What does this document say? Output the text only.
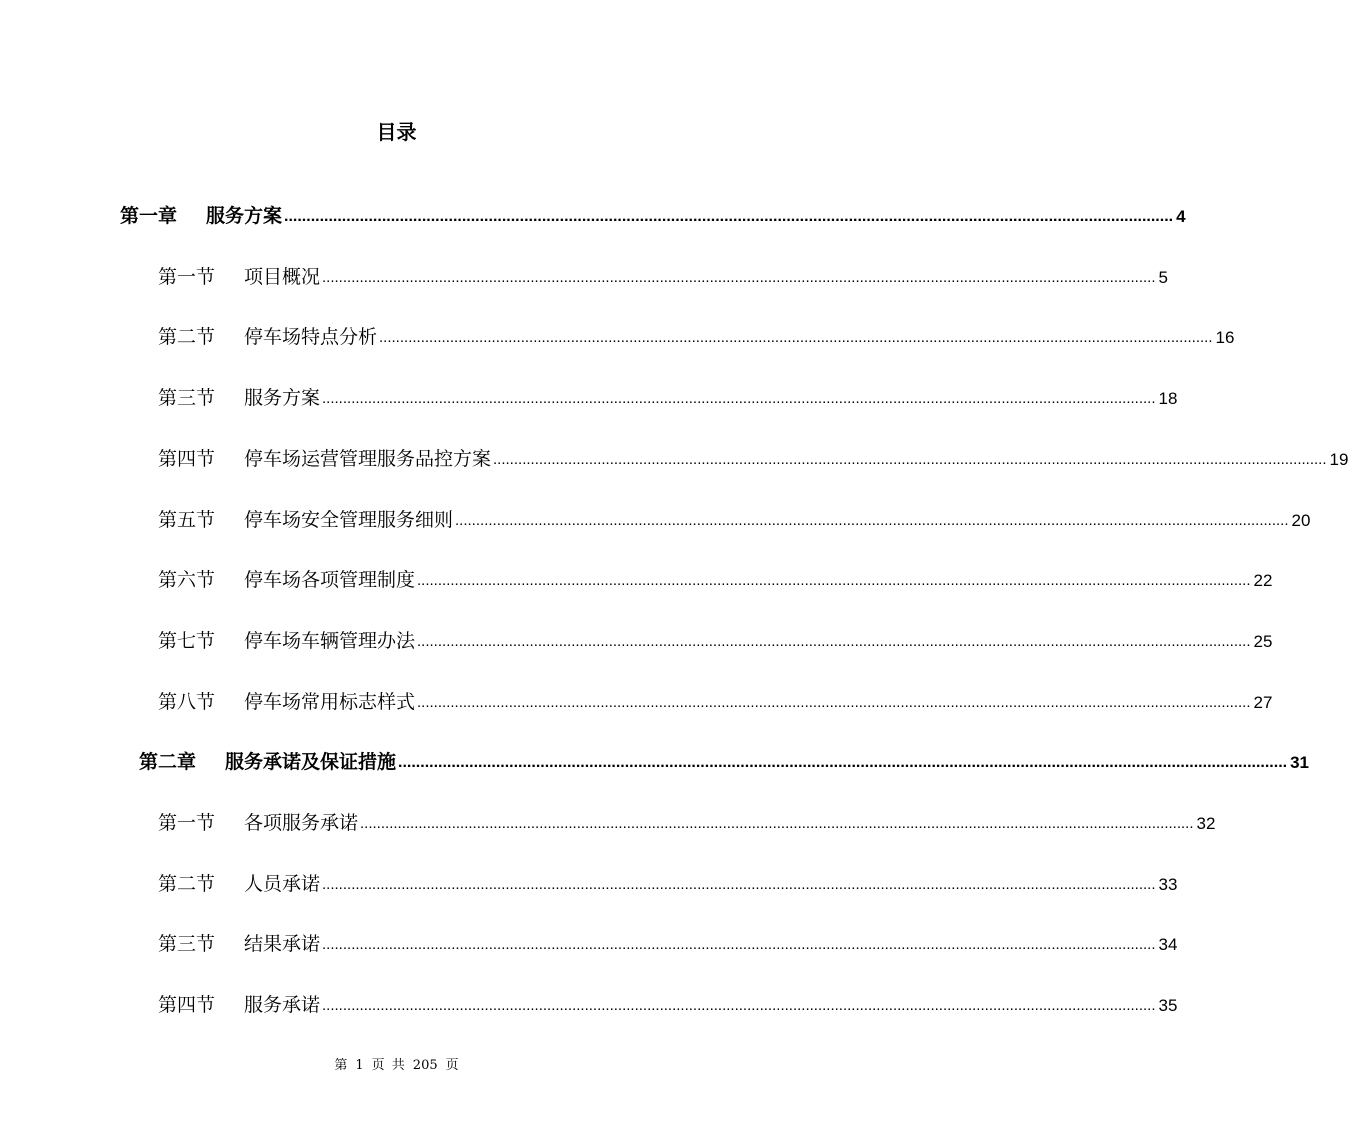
目录
第一章	服务方案 ........................................................................................................................................................................................................ 4
第一节	项目概况 ........................................................................................................................................................................................................ 5
第二节	停车场特点分析 ........................................................................................................................................................................................................ 16
第三节	服务方案 ........................................................................................................................................................................................................ 18
第四节	停车场运营管理服务品控方案 ........................................................................................................................................................................................................ 19
第五节	停车场安全管理服务细则 ........................................................................................................................................................................................................ 20
第六节	停车场各项管理制度 ........................................................................................................................................................................................................ 22
第七节	停车场车辆管理办法 ........................................................................................................................................................................................................ 25
第八节	停车场常用标志样式 ........................................................................................................................................................................................................ 27
第二章	服务承诺及保证措施 ........................................................................................................................................................................................................ 31
第一节	各项服务承诺 ........................................................................................................................................................................................................ 32
第二节	人员承诺 ........................................................................................................................................................................................................ 33
第三节	结果承诺 ........................................................................................................................................................................................................ 34
第四节	服务承诺 ........................................................................................................................................................................................................ 35
第 1 页 共 205 页
